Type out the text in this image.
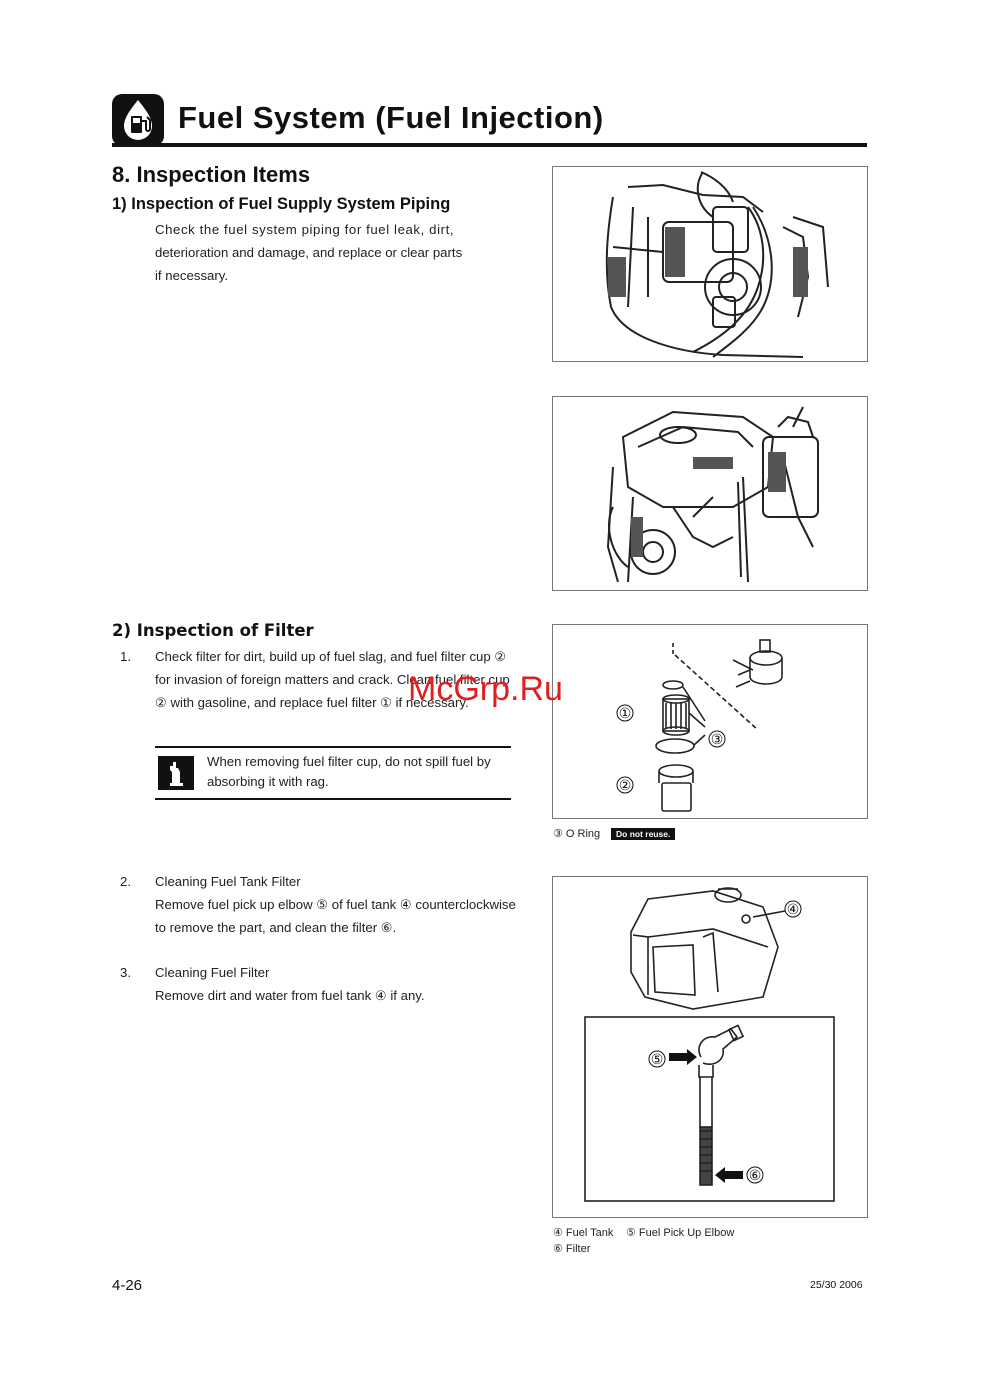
Fuel System (Fuel Injection)
8. Inspection Items
1) Inspection of Fuel Supply System Piping
Check the fuel system piping for fuel leak, dirt,
deterioration and damage, and replace or clear parts
if necessary.
2) Inspection of Filter
1. Check filter for dirt, build up of fuel slag, and fuel filter cup ②
for invasion of foreign matters and crack. Clean fuel filter cup
② with gasoline, and replace fuel filter ① if necessary.
When removing fuel filter cup, do not spill fuel by
absorbing it with rag.
①
②
③
McGrp.Ru
③ O Ring	Do not reuse.
2. Cleaning Fuel Tank Filter
Remove fuel pick up elbow ⑤ of fuel tank ④ counterclockwise
to remove the part, and clean the filter ⑥.
3. Cleaning Fuel Filter
Remove dirt and water from fuel tank ④ if any.
④
⑤
⑥
④ Fuel Tank ⑤ Fuel Pick Up Elbow
⑥ Filter
4-26	25/30 2006
